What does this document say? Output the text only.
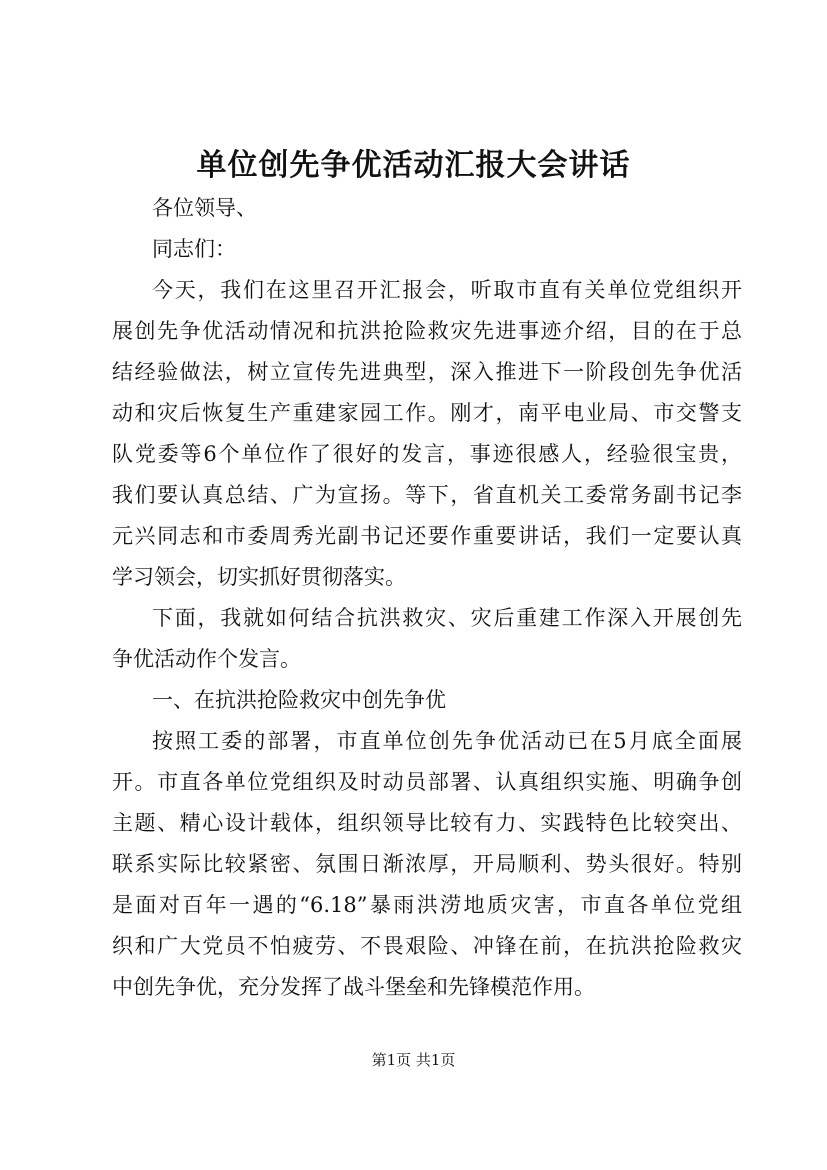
单位创先争优活动汇报大会讲话
各位领导、
同志们：
今天，我们在这里召开汇报会，听取市直有关单位党组织开
展创先争优活动情况和抗洪抢险救灾先进事迹介绍，目的在于总
结经验做法，树立宣传先进典型，深入推进下一阶段创先争优活
动和灾后恢复生产重建家园工作。刚才，南平电业局、市交警支
队党委等6个单位作了很好的发言，事迹很感人，经验很宝贵，
我们要认真总结、广为宣扬。等下，省直机关工委常务副书记李
元兴同志和市委周秀光副书记还要作重要讲话，我们一定要认真
学习领会，切实抓好贯彻落实。
下面，我就如何结合抗洪救灾、灾后重建工作深入开展创先
争优活动作个发言。
一、在抗洪抢险救灾中创先争优
按照工委的部署，市直单位创先争优活动已在5月底全面展
开。市直各单位党组织及时动员部署、认真组织实施、明确争创
主题、精心设计载体，组织领导比较有力、实践特色比较突出、
联系实际比较紧密、氛围日渐浓厚，开局顺利、势头很好。特别
是面对百年一遇的“6.18”暴雨洪涝地质灾害，市直各单位党组
织和广大党员不怕疲劳、不畏艰险、冲锋在前，在抗洪抢险救灾
中创先争优，充分发挥了战斗堡垒和先锋模范作用。
第1页 共1页
